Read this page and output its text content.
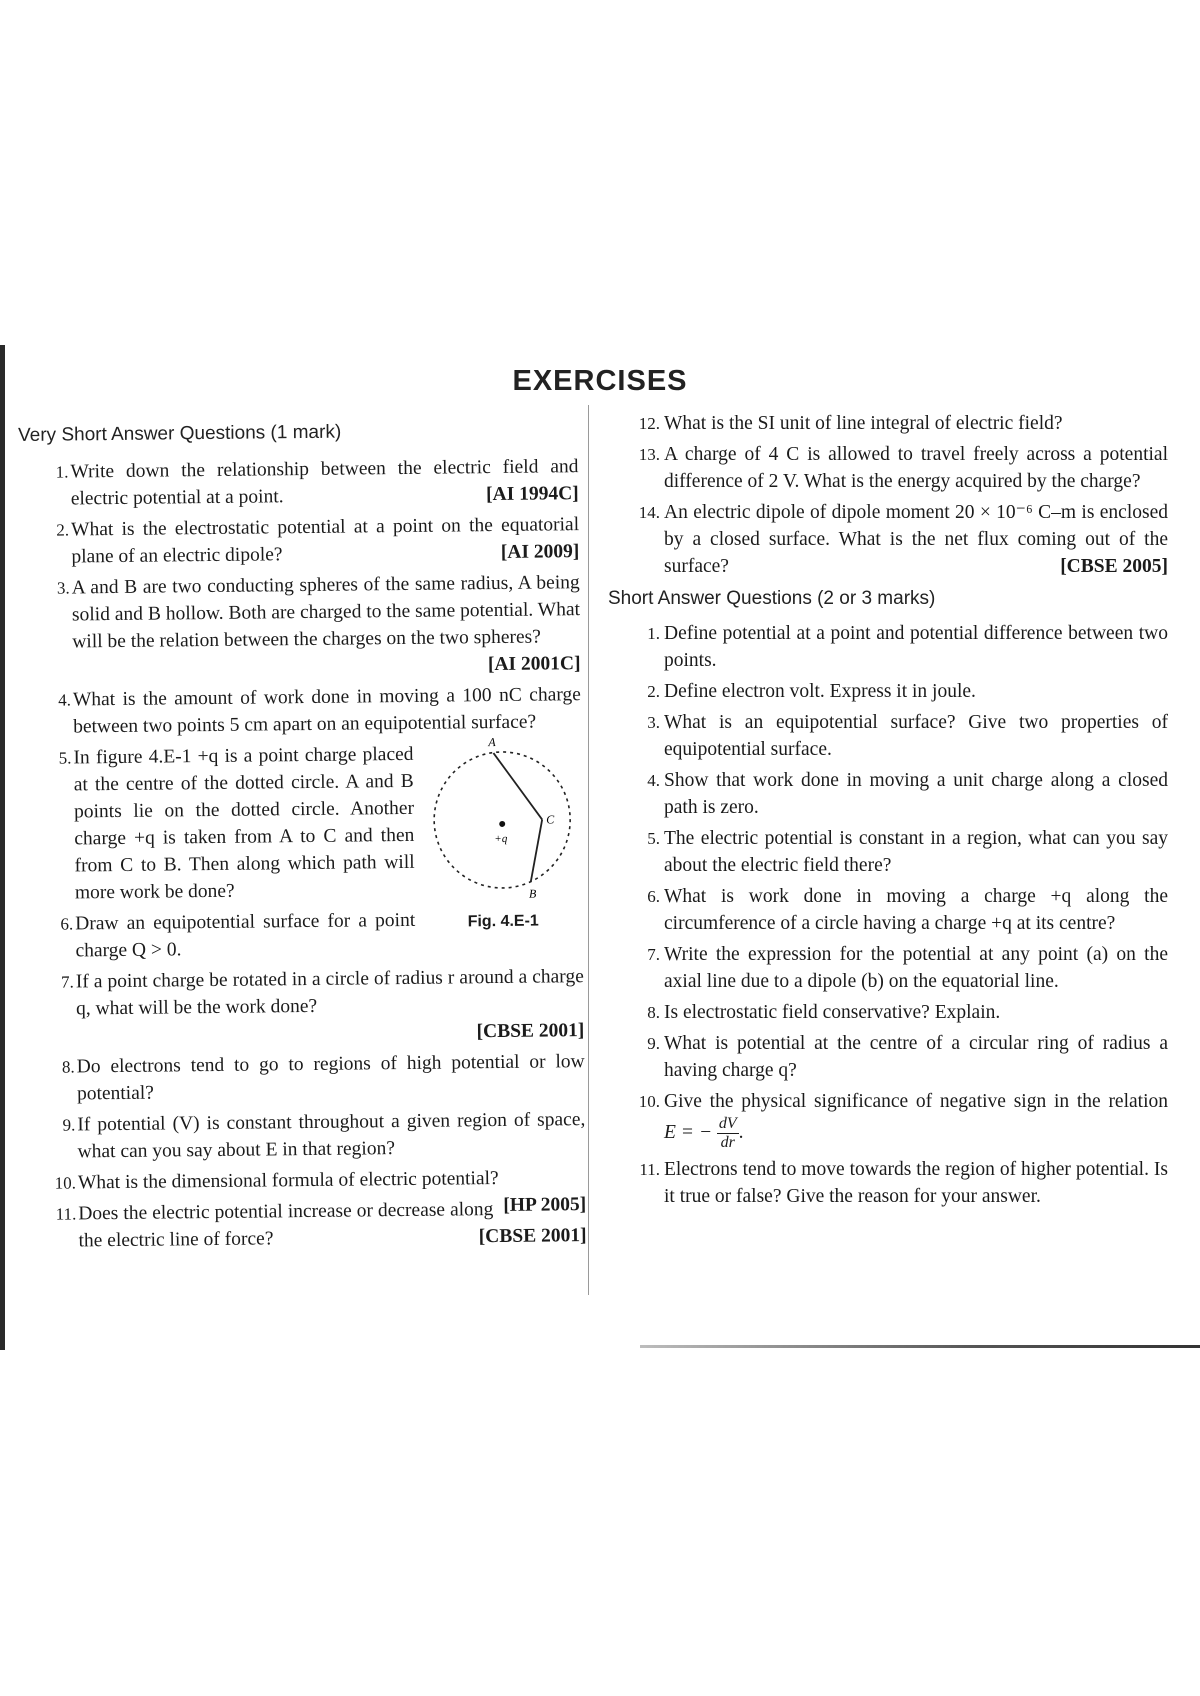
EXERCISES
Very Short Answer Questions (1 mark)
1. Write down the relationship between the electric field and electric potential at a point.	[AI 1994C]
2. What is the electrostatic potential at a point on the equatorial plane of an electric dipole?	[AI 2009]
3. A and B are two conducting spheres of the same radius, A being solid and B hollow. Both are charged to the same potential. What will be the relation between the charges on the two spheres?
[AI 2001C]
4. What is the amount of work done in moving a 100 nC charge between two points 5 cm apart on an equipotential surface?
5.
A
C
B
+q
Fig. 4.E-1
In figure 4.E-1 +q is a point charge placed at the centre of the dotted circle. A and B points lie on the dotted circle. Another charge +q is taken from A to C and then from C to B. Then along which path will more work be done?
6. Draw an equipotential surface for a point charge Q > 0.
7. If a point charge be rotated in a circle of radius r around a charge q, what will be the work done?
[CBSE 2001]
8. Do electrons tend to go to regions of high potential or low potential?
9. If potential (V) is constant throughout a given region of space, what can you say about E in that region?
10. What is the dimensional formula of electric potential?
[HP 2005]
11. Does the electric potential increase or decrease along the electric line of force?	[CBSE 2001]
12. What is the SI unit of line integral of electric field?
13. A charge of 4 C is allowed to travel freely across a potential difference of 2 V. What is the energy acquired by the charge?
14. An electric dipole of dipole moment 20 × 10⁻⁶ C–m is enclosed by a closed surface. What is the net flux coming out of the surface?	[CBSE 2005]
Short Answer Questions (2 or 3 marks)
1. Define potential at a point and potential difference between two points.
2. Define electron volt. Express it in joule.
3. What is an equipotential surface? Give two properties of equipotential surface.
4. Show that work done in moving a unit charge along a closed path is zero.
5. The electric potential is constant in a region, what can you say about the electric field there?
6. What is work done in moving a charge +q along the circumference of a circle having a charge +q at its centre?
7. Write the expression for the potential at any point (a) on the axial line due to a dipole (b) on the equatorial line.
8. Is electrostatic field conservative? Explain.
9. What is potential at the centre of a circular ring of radius a having charge q?
10. Give the physical significance of negative sign in the relation E = − $\frac{dV}{dr}$ .
11. Electrons tend to move towards the region of higher potential. Is it true or false? Give the reason for your answer.
